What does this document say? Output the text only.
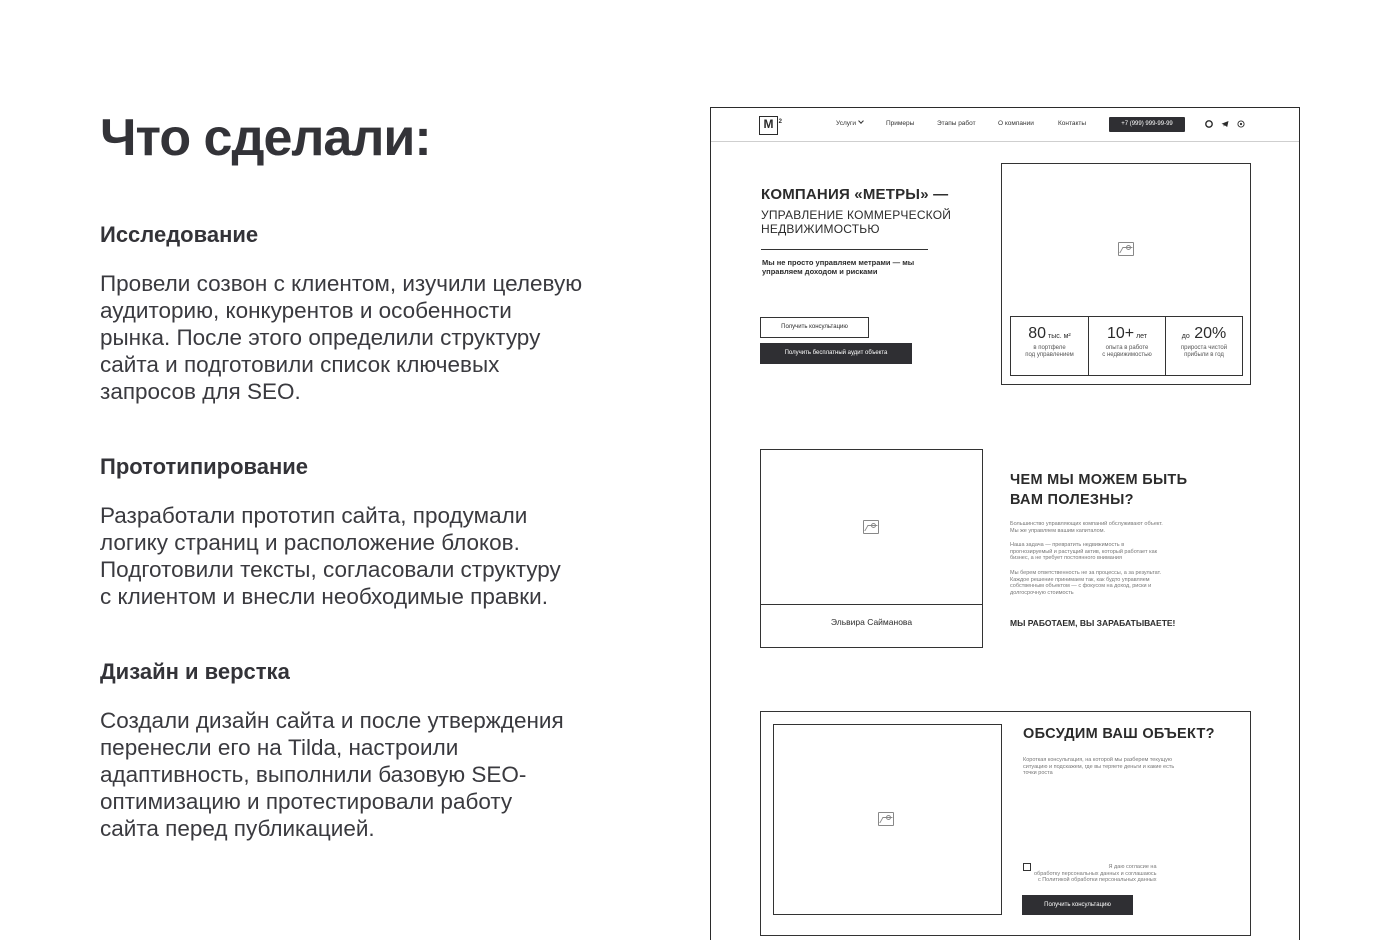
Что сделали:
Исследование
Провели созвон с клиентом, изучили целевую
аудиторию, конкурентов и особенности
рынка. После этого определили структуру
сайта и подготовили список ключевых
запросов для SEO.
Прототипирование
Разработали прототип сайта, продумали
логику страниц и расположение блоков.
Подготовили тексты, согласовали структуру
с клиентом и внесли необходимые правки.
Дизайн и верстка
Создали дизайн сайта и после утверждения
перенесли его на Tilda, настроили
адаптивность, выполнили базовую SEO-
оптимизацию и протестировали работу
сайта перед публикацией.
M 2	Услуги	Примеры	Этапы работ	О компании	Контакты	+7 (999) 999-99-99
КОМПАНИЯ «МЕТРЫ» —
УПРАВЛЕНИЕ КОММЕРЧЕСКОЙ
НЕДВИЖИМОСТЬЮ
Мы не просто управляем метрами — мы
управляем доходом и рисками
Получить консультацию
Получить бесплатный аудит объекта
80 тыс. м²
в портфеле
под управлением
10+ лет
опыта в работе
с недвижимостью
до 20%
прироста чистой
прибыли в год
Эльвира Сайманова
ЧЕМ МЫ МОЖЕМ БЫТЬ
ВАМ ПОЛЕЗНЫ?
Большинство управляющих компаний обслуживают объект.
Мы же управляем вашим капиталом.
Наша задача — превратить недвижимость в
прогнозируемый и растущий актив, который работает как
бизнес, а не требует постоянного внимания
Мы берем ответственность не за процессы, а за результат.
Каждое решение принимаем так, как будто управляем
собственным объектом — с фокусом на доход, риски и
долгосрочную стоимость
МЫ РАБОТАЕМ, ВЫ ЗАРАБАТЫВАЕТЕ!
ОБСУДИМ ВАШ ОБЪЕКТ?
Короткая консультация, на которой мы разберем текущую
ситуацию и подскажем, где вы теряете деньги и какие есть
точки роста
Я даю согласие на
обработку персональных данных и соглашаюсь
с Политикой обработки персональных данных
Получить консультацию
